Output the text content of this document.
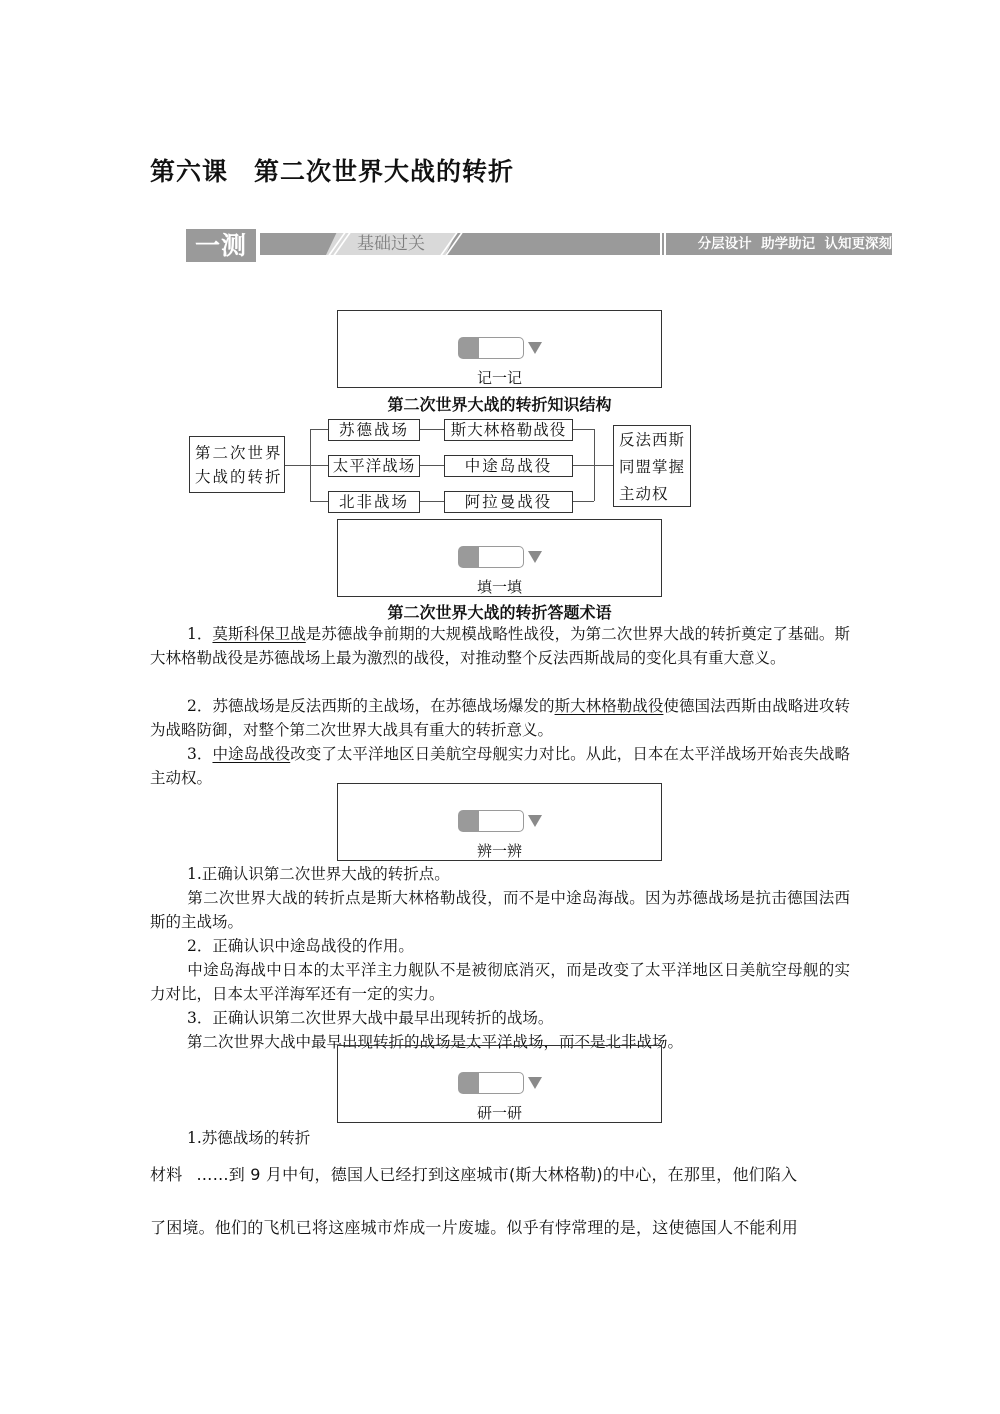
第六课　第二次世界大战的转折
一测	基础过关	分层设计  助学助记  认知更深刻
记一记
第二次世界大战的转折知识结构
第二次世界
大战的转折
苏德战场
太平洋战场
北非战场
斯大林格勒战役
中途岛战役
阿拉曼战役
反法西斯
同盟掌握
主动权
填一填
第二次世界大战的转折答题术语
1．莫斯科保卫战是苏德战争前期的大规模战略性战役，为第二次世界大战的转折奠定了基础。斯大林格勒战役是苏德战场上最为激烈的战役，对推动整个反法西斯战局的变化具有重大意义。
2．苏德战场是反法西斯的主战场，在苏德战场爆发的斯大林格勒战役使德国法西斯由战略进攻转为战略防御，对整个第二次世界大战具有重大的转折意义。
3．中途岛战役改变了太平洋地区日美航空母舰实力对比。从此，日本在太平洋战场开始丧失战略主动权。
辨一辨
1.正确认识第二次世界大战的转折点。
第二次世界大战的转折点是斯大林格勒战役，而不是中途岛海战。因为苏德战场是抗击德国法西斯的主战场。
2．正确认识中途岛战役的作用。
中途岛海战中日本的太平洋主力舰队不是被彻底消灭，而是改变了太平洋地区日美航空母舰的实力对比，日本太平洋海军还有一定的实力。
3．正确认识第二次世界大战中最早出现转折的战场。
第二次世界大战中最早出现转折的战场是太平洋战场，而不是北非战场。
研一研
1.苏德战场的转折
材料 ……到 9 月中旬，德国人已经打到这座城市(斯大林格勒)的中心，在那里，他们陷入
了困境。他们的飞机已将这座城市炸成一片废墟。似乎有悖常理的是，这使德国人不能利用
